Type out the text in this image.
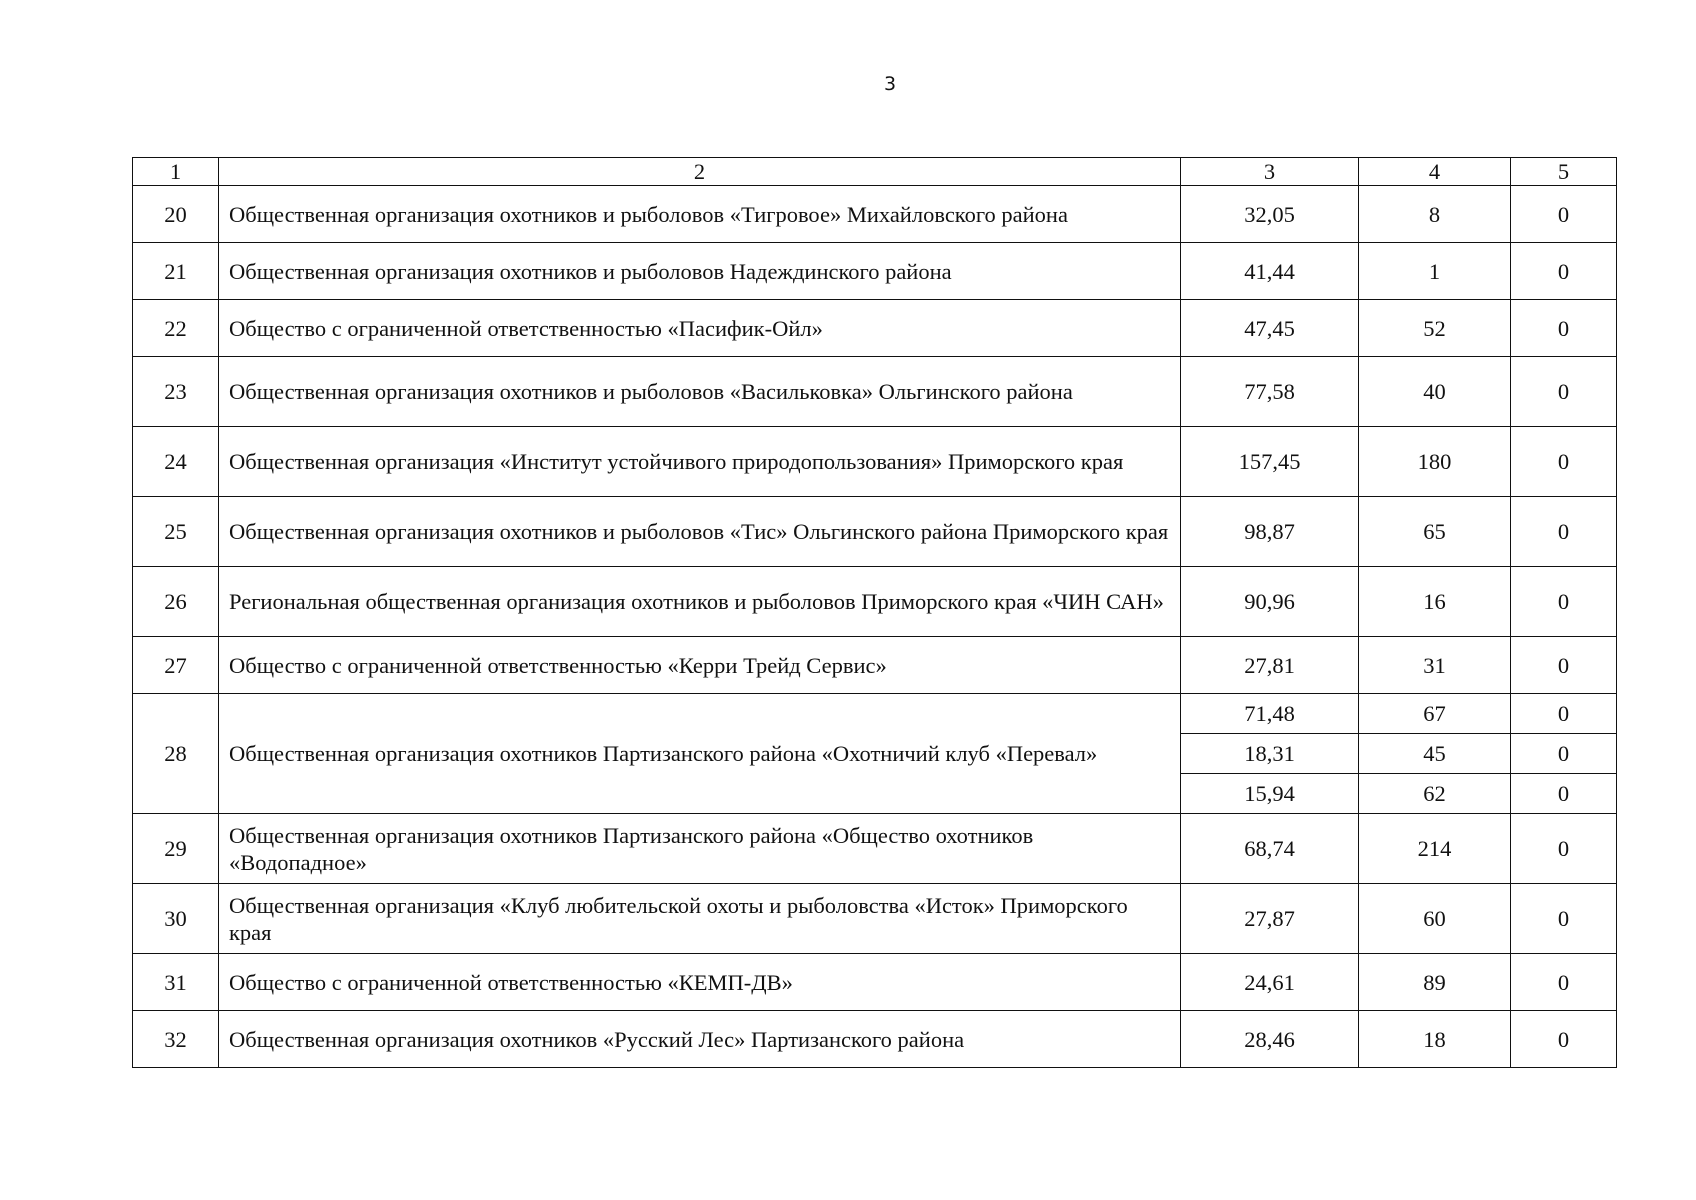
3
1	2	3	4	5
20	Общественная организация охотников и рыболовов «Тигровое» Михайловского района	32,05	8	0
21	Общественная организация охотников и рыболовов Надеждинского района	41,44	1	0
22	Общество с ограниченной ответственностью «Пасифик-Ойл»	47,45	52	0
23	Общественная организация охотников и рыболовов «Васильковка» Ольгинского района	77,58	40	0
24	Общественная организация «Институт устойчивого природопользования» Приморского края	157,45	180	0
25	Общественная организация охотников и рыболовов «Тис» Ольгинского района Приморского края	98,87	65	0
26	Региональная общественная организация охотников и рыболовов Приморского края «ЧИН САН»	90,96	16	0
27	Общество с ограниченной ответственностью «Керри Трейд Сервис»	27,81	31	0
28	Общественная организация охотников Партизанского района «Охотничий клуб «Перевал»	71,48	67	0
		18,31	45	0
		15,94	62	0
29	Общественная организация охотников Партизанского района «Общество охотников «Водопадное»	68,74	214	0
30	Общественная организация «Клуб любительской охоты и рыболовства «Исток» Приморского края	27,87	60	0
31	Общество с ограниченной ответственностью «КЕМП-ДВ»	24,61	89	0
32	Общественная организация охотников «Русский Лес» Партизанского района	28,46	18	0
